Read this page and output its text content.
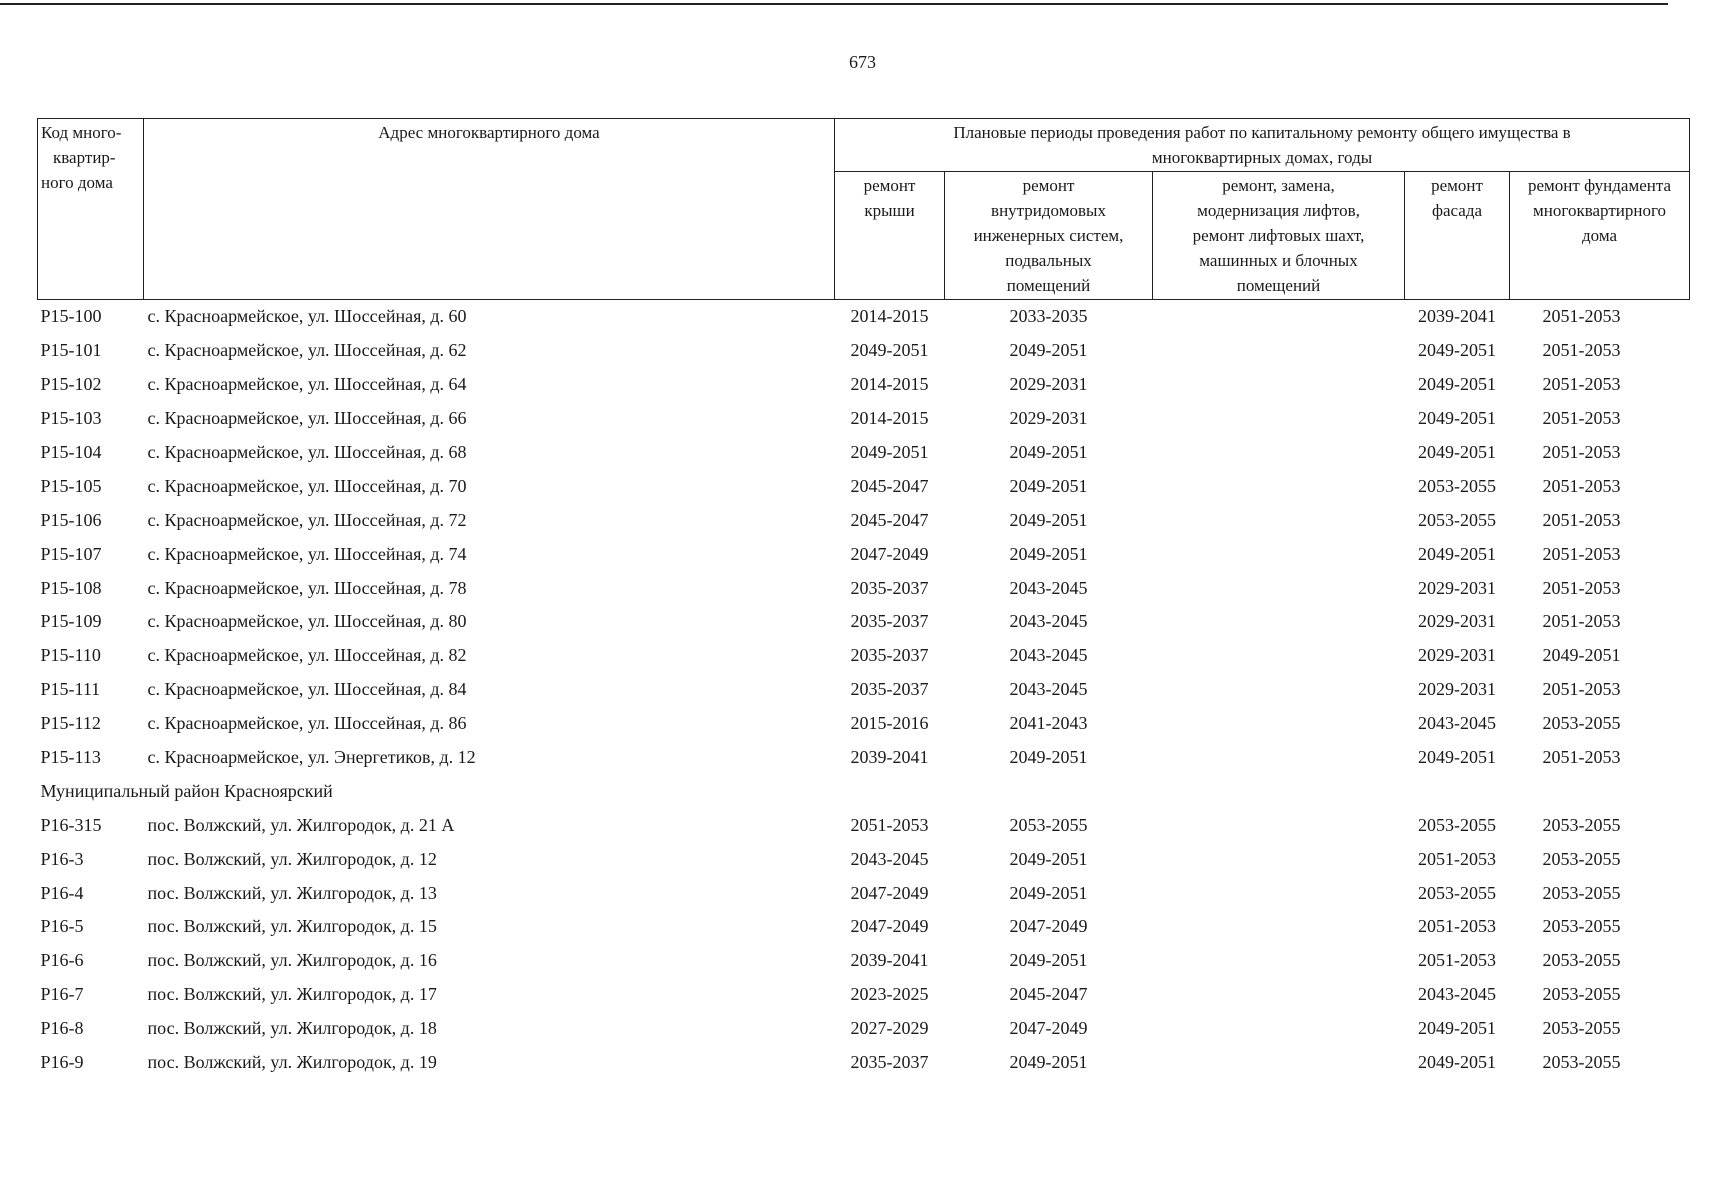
673
Код много-
квартир-
ного дома	Адрес многоквартирного дома	Плановые периоды проведения работ по капитальному ремонту общего имущества в
многоквартирных домах, годы				

		ремонт
крыши	ремонт
внутридомовых
инженерных систем,
подвальных
помещений	ремонт, замена,
модернизация лифтов,
ремонт лифтовых шахт,
машинных и блочных
помещений	ремонт
фасада	ремонт фундамента
многоквартирного
дома

Р15-100	с. Красноармейское, ул. Шоссейная, д. 60	2014-2015	2033-2035		2039-2041	2051-2053
Р15-101	с. Красноармейское, ул. Шоссейная, д. 62	2049-2051	2049-2051		2049-2051	2051-2053
Р15-102	с. Красноармейское, ул. Шоссейная, д. 64	2014-2015	2029-2031		2049-2051	2051-2053
Р15-103	с. Красноармейское, ул. Шоссейная, д. 66	2014-2015	2029-2031		2049-2051	2051-2053
Р15-104	с. Красноармейское, ул. Шоссейная, д. 68	2049-2051	2049-2051		2049-2051	2051-2053
Р15-105	с. Красноармейское, ул. Шоссейная, д. 70	2045-2047	2049-2051		2053-2055	2051-2053
Р15-106	с. Красноармейское, ул. Шоссейная, д. 72	2045-2047	2049-2051		2053-2055	2051-2053
Р15-107	с. Красноармейское, ул. Шоссейная, д. 74	2047-2049	2049-2051		2049-2051	2051-2053
Р15-108	с. Красноармейское, ул. Шоссейная, д. 78	2035-2037	2043-2045		2029-2031	2051-2053
Р15-109	с. Красноармейское, ул. Шоссейная, д. 80	2035-2037	2043-2045		2029-2031	2051-2053
Р15-110	с. Красноармейское, ул. Шоссейная, д. 82	2035-2037	2043-2045		2029-2031	2049-2051
Р15-111	с. Красноармейское, ул. Шоссейная, д. 84	2035-2037	2043-2045		2029-2031	2051-2053
Р15-112	с. Красноармейское, ул. Шоссейная, д. 86	2015-2016	2041-2043		2043-2045	2053-2055
Р15-113	с. Красноармейское, ул. Энергетиков, д. 12	2039-2041	2049-2051		2049-2051	2051-2053
Муниципальный район Красноярский						
Р16-315	пос. Волжский, ул. Жилгородок, д. 21 А	2051-2053	2053-2055		2053-2055	2053-2055
Р16-3	пос. Волжский, ул. Жилгородок, д. 12	2043-2045	2049-2051		2051-2053	2053-2055
Р16-4	пос. Волжский, ул. Жилгородок, д. 13	2047-2049	2049-2051		2053-2055	2053-2055
Р16-5	пос. Волжский, ул. Жилгородок, д. 15	2047-2049	2047-2049		2051-2053	2053-2055
Р16-6	пос. Волжский, ул. Жилгородок, д. 16	2039-2041	2049-2051		2051-2053	2053-2055
Р16-7	пос. Волжский, ул. Жилгородок, д. 17	2023-2025	2045-2047		2043-2045	2053-2055
Р16-8	пос. Волжский, ул. Жилгородок, д. 18	2027-2029	2047-2049		2049-2051	2053-2055
Р16-9	пос. Волжский, ул. Жилгородок, д. 19	2035-2037	2049-2051		2049-2051	2053-2055
